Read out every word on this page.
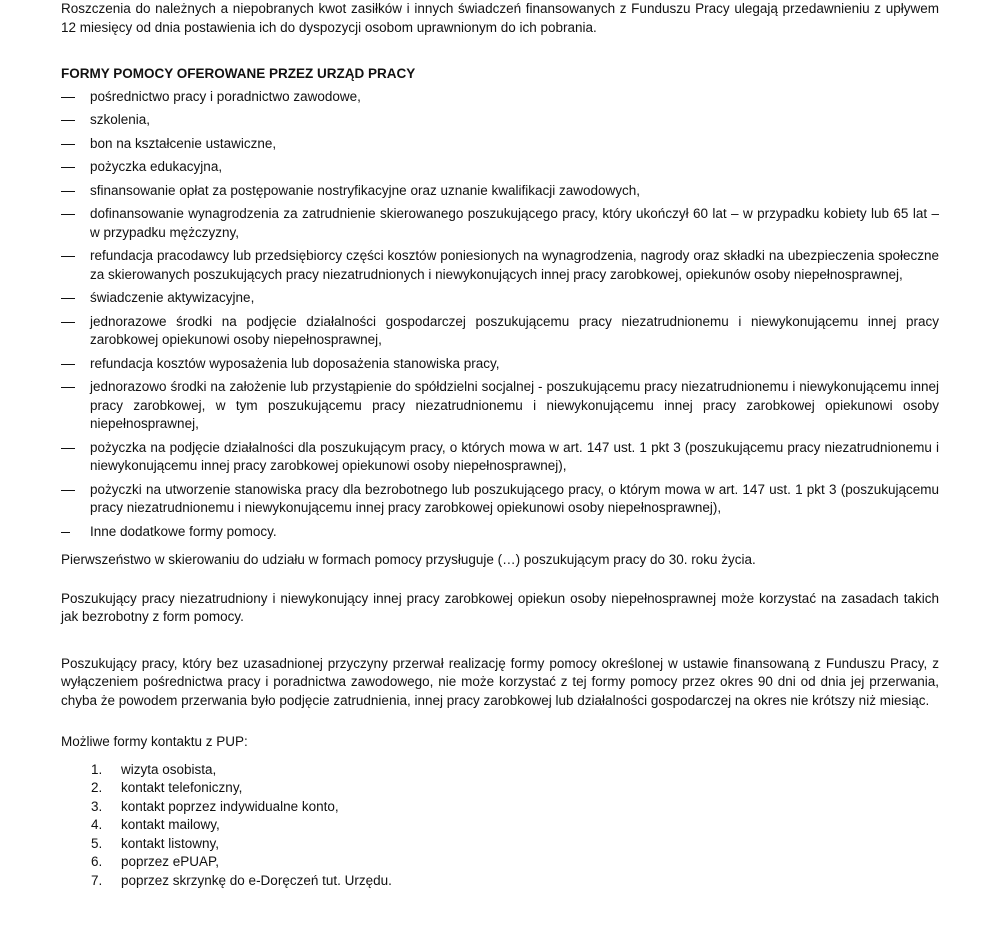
Roszczenia do należnych a niepobranych kwot zasiłków i innych świadczeń finansowanych z Funduszu Pracy ulegają przedawnieniu z upływem 12 miesięcy od dnia postawienia ich do dyspozycji osobom uprawnionym do ich pobrania.

FORMY POMOCY OFEROWANE PRZEZ URZĄD PRACY
pośrednictwo pracy i poradnictwo zawodowe,
szkolenia,
bon na kształcenie ustawiczne,
pożyczka edukacyjna,
sfinansowanie opłat za postępowanie nostryfikacyjne oraz uznanie kwalifikacji zawodowych,
dofinansowanie wynagrodzenia za zatrudnienie skierowanego poszukującego pracy, który ukończył 60 lat – w przypadku kobiety lub 65 lat – w przypadku mężczyzny,
refundacja pracodawcy lub przedsiębiorcy części kosztów poniesionych na wynagrodzenia, nagrody oraz składki na ubezpieczenia społeczne za skierowanych poszukujących pracy niezatrudnionych i niewykonujących innej pracy zarobkowej, opiekunów osoby niepełnosprawnej,
świadczenie aktywizacyjne,
jednorazowe środki na podjęcie działalności gospodarczej poszukującemu pracy niezatrudnionemu i niewykonującemu innej pracy zarobkowej opiekunowi osoby niepełnosprawnej,
refundacja kosztów wyposażenia lub doposażenia stanowiska pracy,
jednorazowo środki na założenie lub przystąpienie do spółdzielni socjalnej - poszukującemu pracy niezatrudnionemu i niewykonującemu innej pracy zarobkowej, w tym poszukującemu pracy niezatrudnionemu i niewykonującemu innej pracy zarobkowej opiekunowi osoby niepełnosprawnej,
pożyczka na podjęcie działalności dla poszukującym pracy, o których mowa w art. 147 ust. 1 pkt 3 (poszukującemu pracy niezatrudnionemu i niewykonującemu innej pracy zarobkowej opiekunowi osoby niepełnosprawnej),
pożyczki na utworzenie stanowiska pracy dla bezrobotnego lub poszukującego pracy, o którym mowa w art. 147 ust. 1 pkt 3 (poszukującemu pracy niezatrudnionemu i niewykonującemu innej pracy zarobkowej opiekunowi osoby niepełnosprawnej),
Inne dodatkowe formy pomocy.

Pierwszeństwo w skierowaniu do udziału w formach pomocy przysługuje (…) poszukującym pracy do 30. roku życia.

Poszukujący pracy niezatrudniony i niewykonujący innej pracy zarobkowej opiekun osoby niepełnosprawnej może korzystać na zasadach takich jak bezrobotny z form pomocy.

Poszukujący pracy, który bez uzasadnionej przyczyny przerwał realizację formy pomocy określonej w ustawie finansowaną z Funduszu Pracy, z wyłączeniem pośrednictwa pracy i poradnictwa zawodowego, nie może korzystać z tej formy pomocy przez okres 90 dni od dnia jej przerwania, chyba że powodem przerwania było podjęcie zatrudnienia, innej pracy zarobkowej lub działalności gospodarczej na okres nie krótszy niż miesiąc.

Możliwe formy kontaktu z PUP:

1. wizyta osobista,
2. kontakt telefoniczny,
3. kontakt poprzez indywidualne konto,
4. kontakt mailowy,
5. kontakt listowny,
6. poprzez ePUAP,
7. poprzez skrzynkę do e-Doręczeń tut. Urzędu.
